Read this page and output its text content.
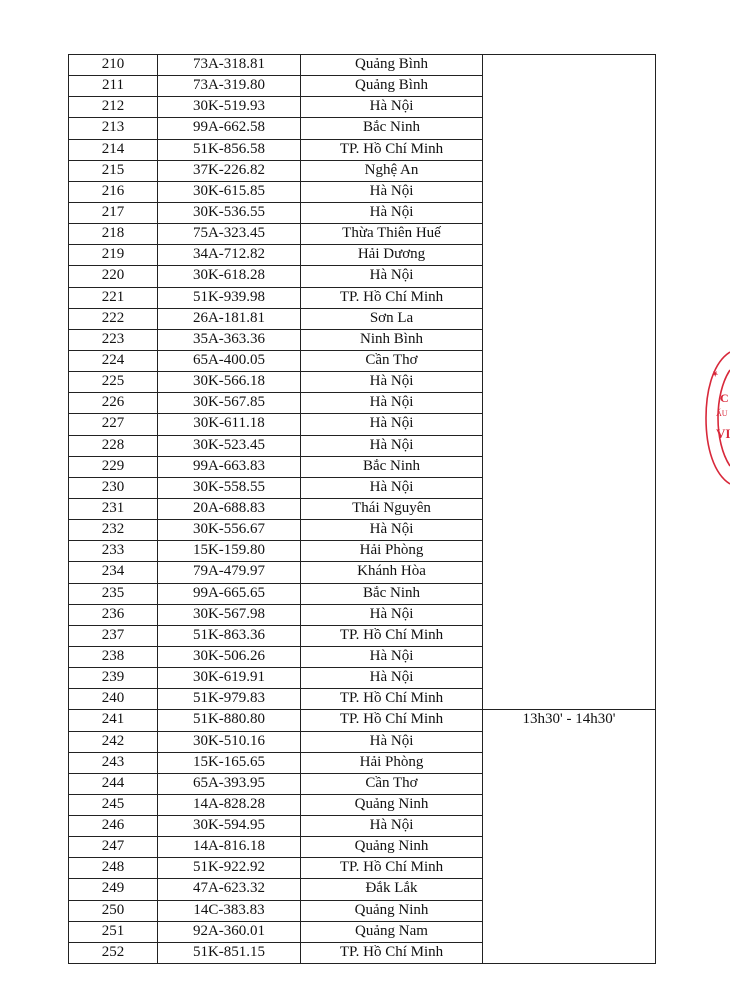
210	73A-318.81	Quảng Bình	
211	73A-319.80	Quảng Bình	
212	30K-519.93	Hà Nội	
213	99A-662.58	Bắc Ninh	
214	51K-856.58	TP. Hồ Chí Minh	
215	37K-226.82	Nghệ An	
216	30K-615.85	Hà Nội	
217	30K-536.55	Hà Nội	
218	75A-323.45	Thừa Thiên Huế	
219	34A-712.82	Hải Dương	
220	30K-618.28	Hà Nội	
221	51K-939.98	TP. Hồ Chí Minh	
222	26A-181.81	Sơn La	
223	35A-363.36	Ninh Bình	
224	65A-400.05	Cần Thơ	
225	30K-566.18	Hà Nội	
226	30K-567.85	Hà Nội	
227	30K-611.18	Hà Nội	
228	30K-523.45	Hà Nội	
229	99A-663.83	Bắc Ninh	
230	30K-558.55	Hà Nội	
231	20A-688.83	Thái Nguyên	
232	30K-556.67	Hà Nội	
233	15K-159.80	Hải Phòng	
234	79A-479.97	Khánh Hòa	
235	99A-665.65	Bắc Ninh	
236	30K-567.98	Hà Nội	
237	51K-863.36	TP. Hồ Chí Minh	
238	30K-506.26	Hà Nội	
239	30K-619.91	Hà Nội	
240	51K-979.83	TP. Hồ Chí Minh	
241	51K-880.80	TP. Hồ Chí Minh	13h30' - 14h30'
242	30K-510.16	Hà Nội	
243	15K-165.65	Hải Phòng	
244	65A-393.95	Cần Thơ	
245	14A-828.28	Quảng Ninh	
246	30K-594.95	Hà Nội	
247	14A-816.18	Quảng Ninh	
248	51K-922.92	TP. Hồ Chí Minh	
249	47A-623.32	Đắk Lắk	
250	14C-383.83	Quảng Ninh	
251	92A-360.01	Quảng Nam	
252	51K-851.15	TP. Hồ Chí Minh	
C
ẤU
VI
★
